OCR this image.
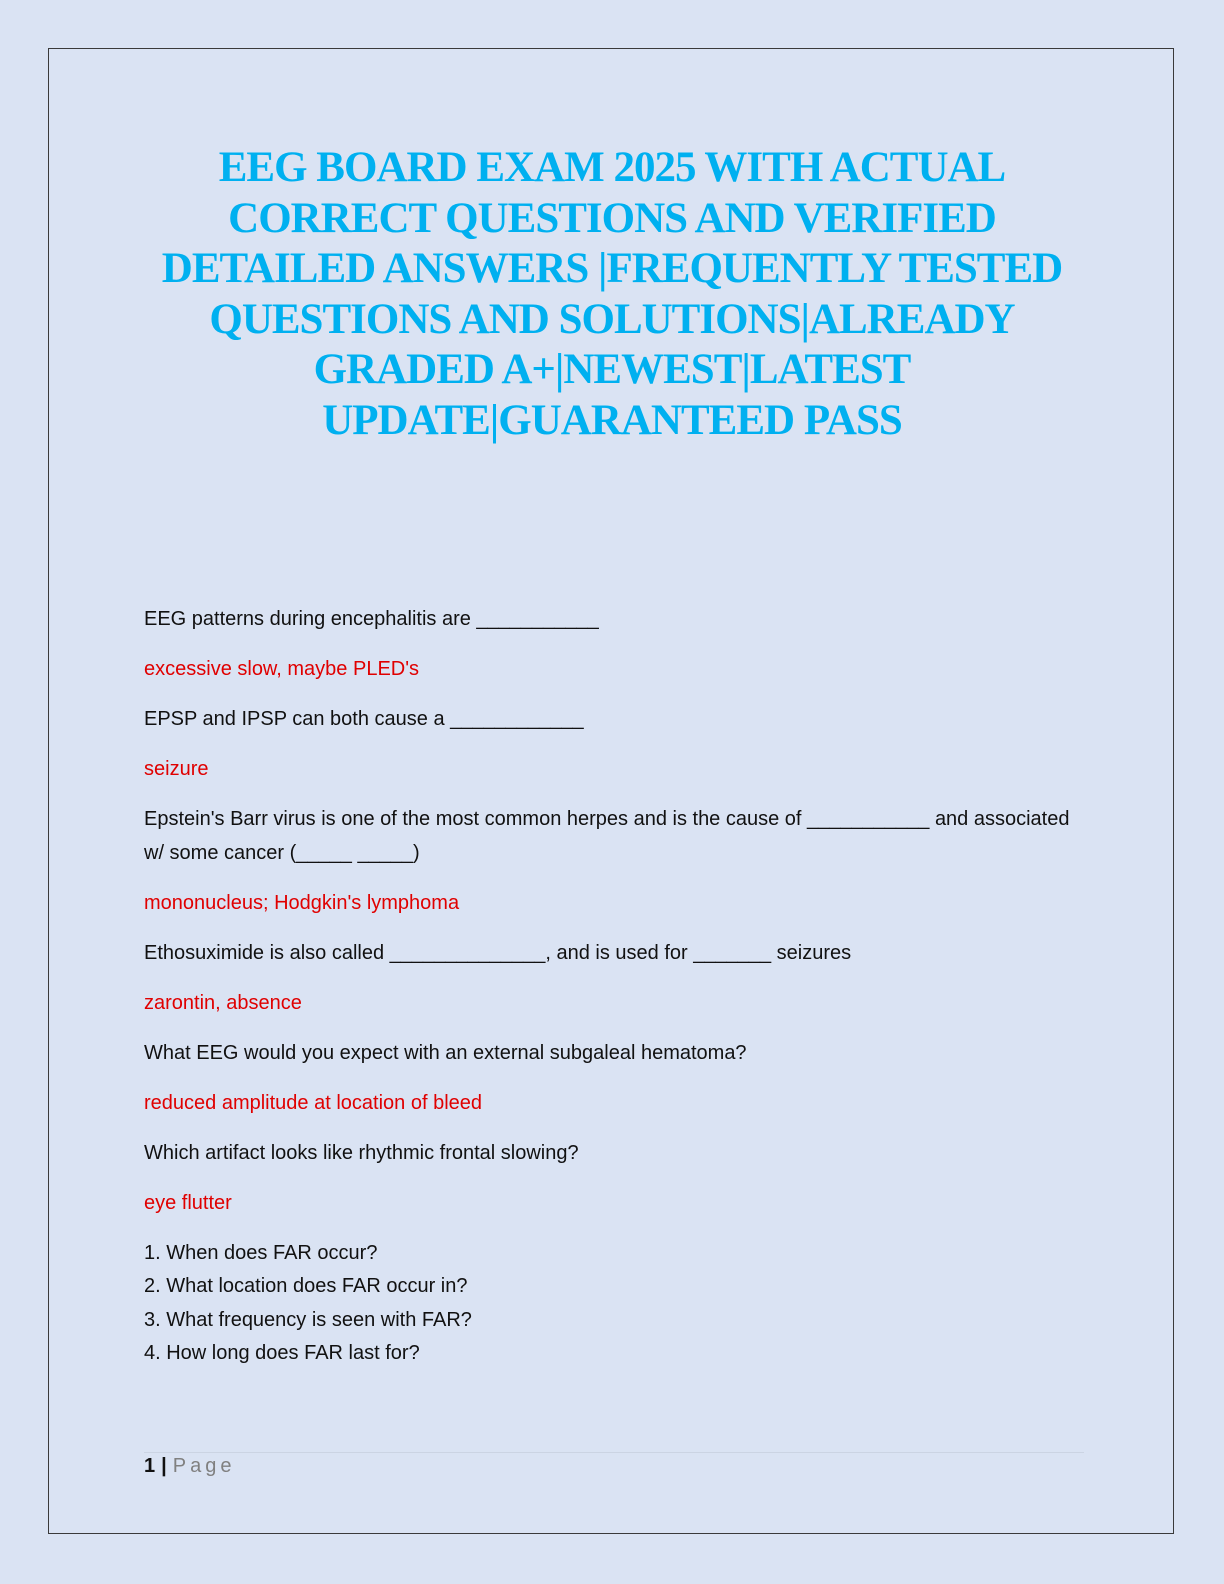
EEG BOARD EXAM 2025 WITH ACTUAL
CORRECT QUESTIONS AND VERIFIED
DETAILED ANSWERS |FREQUENTLY TESTED
QUESTIONS AND SOLUTIONS|ALREADY
GRADED A+|NEWEST|LATEST
UPDATE|GUARANTEED PASS

EEG patterns during encephalitis are ___________

excessive slow, maybe PLED's

EPSP and IPSP can both cause a ____________

seizure

Epstein's Barr virus is one of the most common herpes and is the cause of ___________ and associated w/ some cancer (_____ _____)

mononucleus; Hodgkin's lymphoma

Ethosuximide is also called ______________, and is used for _______ seizures

zarontin, absence

What EEG would you expect with an external subgaleal hematoma?

reduced amplitude at location of bleed

Which artifact looks like rhythmic frontal slowing?

eye flutter

1. When does FAR occur?
2. What location does FAR occur in?
3. What frequency is seen with FAR?
4. How long does FAR last for?

1 | Page
